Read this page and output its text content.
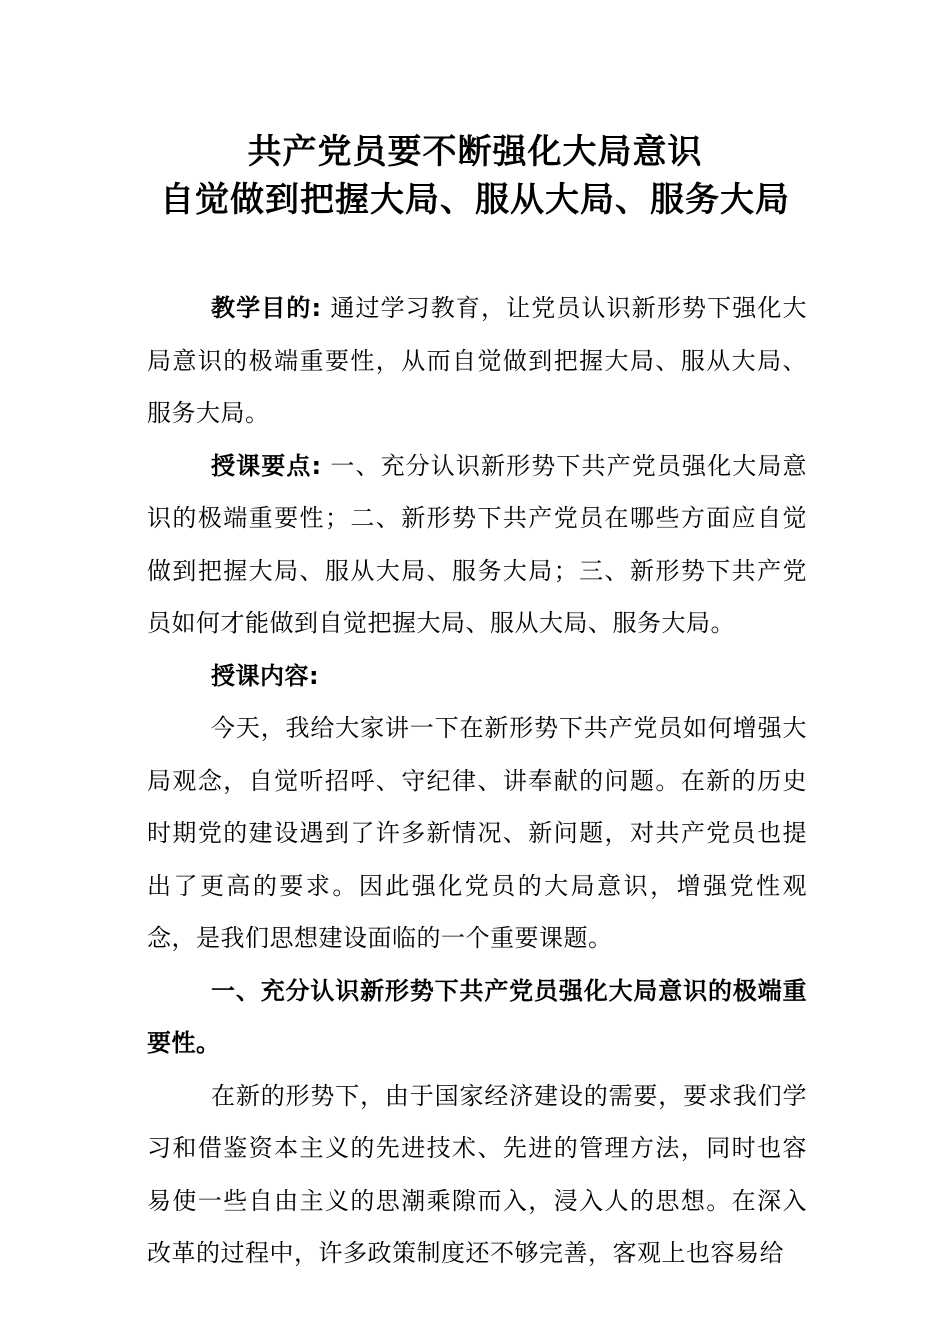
共产党员要不断强化大局意识
自觉做到把握大局、服从大局、服务大局

教学目的: 通过学习教育，让党员认识新形势下强化大局意识的极端重要性，从而自觉做到把握大局、服从大局、服务大局。

授课要点: 一、充分认识新形势下共产党员强化大局意识的极端重要性；二、新形势下共产党员在哪些方面应自觉做到把握大局、服从大局、服务大局；三、新形势下共产党员如何才能做到自觉把握大局、服从大局、服务大局。

授课内容:

今天，我给大家讲一下在新形势下共产党员如何增强大局观念，自觉听招呼、守纪律、讲奉献的问题。在新的历史时期党的建设遇到了许多新情况、新问题，对共产党员也提出了更高的要求。因此强化党员的大局意识，增强党性观念，是我们思想建设面临的一个重要课题。

一、充分认识新形势下共产党员强化大局意识的极端重要性。

在新的形势下，由于国家经济建设的需要，要求我们学习和借鉴资本主义的先进技术、先进的管理方法，同时也容易使一些自由主义的思潮乘隙而入，浸入人的思想。在深入改革的过程中，许多政策制度还不够完善，客观上也容易给
